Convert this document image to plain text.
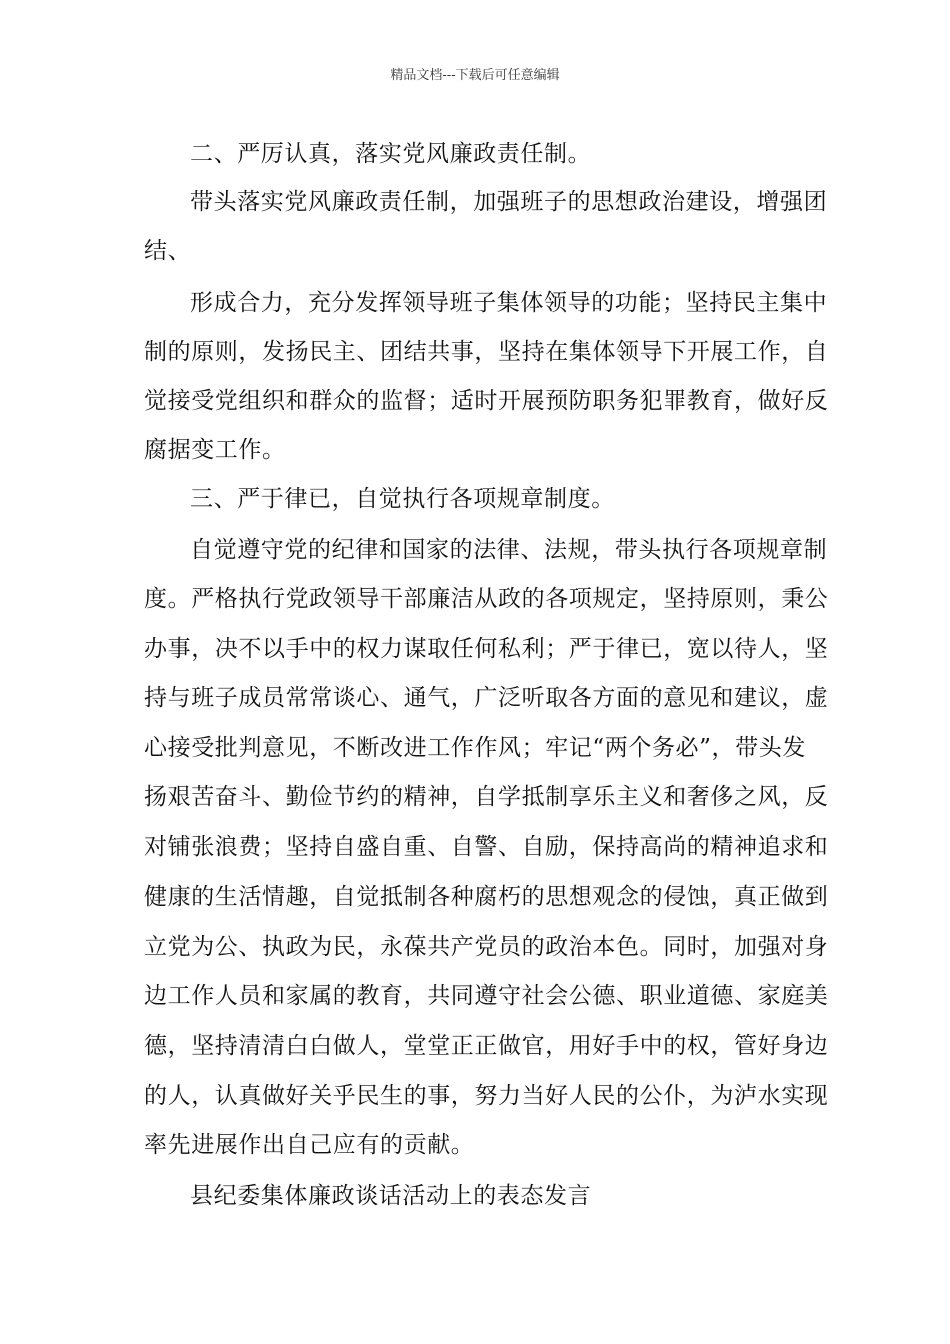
精品文档---下载后可任意编辑
二、严厉认真，落实党风廉政责任制。
带头落实党风廉政责任制，加强班子的思想政治建设，增强团
结、
形成合力，充分发挥领导班子集体领导的功能；坚持民主集中
制的原则，发扬民主、团结共事，坚持在集体领导下开展工作，自
觉接受党组织和群众的监督；适时开展预防职务犯罪教育，做好反
腐据变工作。
三、严于律已，自觉执行各项规章制度。
自觉遵守党的纪律和国家的法律、法规，带头执行各项规章制
度。严格执行党政领导干部廉洁从政的各项规定，坚持原则，秉公
办事，决不以手中的权力谋取任何私利；严于律已，宽以待人，坚
持与班子成员常常谈心、通气，广泛听取各方面的意见和建议，虚
心接受批判意见，不断改进工作作风；牢记“两个务必”，带头发
扬艰苦奋斗、勤俭节约的精神，自学抵制享乐主义和奢侈之风，反
对铺张浪费；坚持自盛自重、自警、自励，保持高尚的精神追求和
健康的生活情趣，自觉抵制各种腐朽的思想观念的侵蚀，真正做到
立党为公、执政为民，永葆共产党员的政治本色。同时，加强对身
边工作人员和家属的教育，共同遵守社会公德、职业道德、家庭美
德，坚持清清白白做人，堂堂正正做官，用好手中的权，管好身边
的人，认真做好关乎民生的事，努力当好人民的公仆，为泸水实现
率先进展作出自己应有的贡献。
县纪委集体廉政谈话活动上的表态发言
